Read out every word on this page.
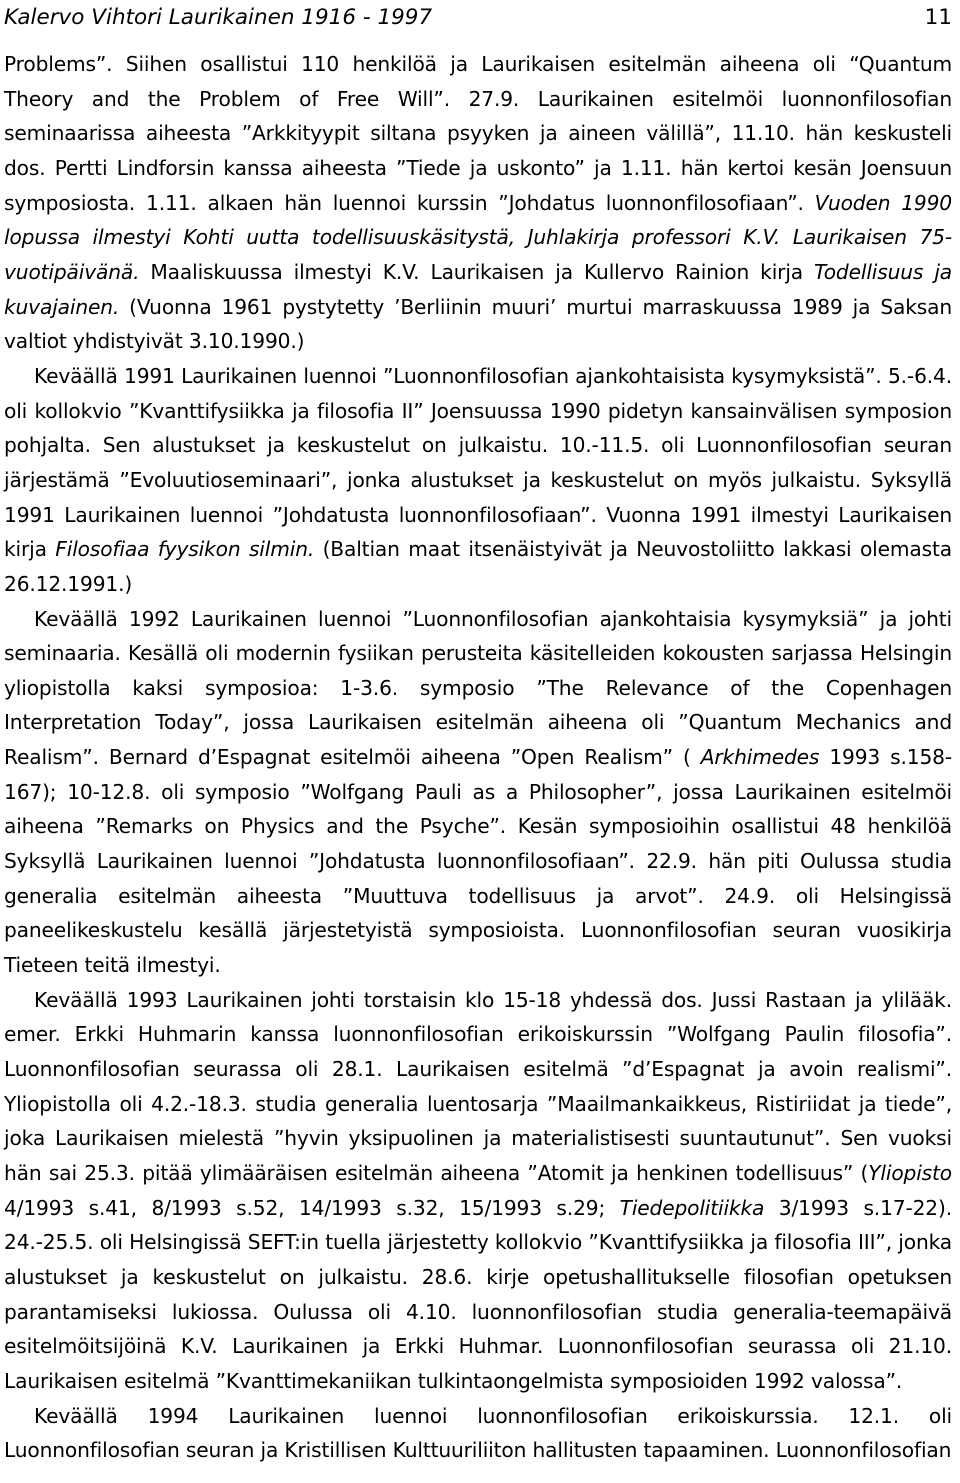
Kalervo Vihtori Laurikainen 1916 - 1997	11

Problems”. Siihen osallistui 110 henkilöä ja Laurikaisen esitelmän aiheena oli “Quantum Theory and the Problem of Free Will”. 27.9. Laurikainen esitelmöi luonnonfilosofian seminaarissa aiheesta ”Arkkityypit siltana psyyken ja aineen välillä”, 11.10. hän keskusteli dos. Pertti Lindforsin kanssa aiheesta ”Tiede ja uskonto” ja 1.11. hän kertoi kesän Joensuun symposiosta. 1.11. alkaen hän luennoi kurssin ”Johdatus luonnonfilosofiaan”. Vuoden 1990 lopussa ilmestyi Kohti uutta todellisuuskäsitystä, Juhlakirja professori K.V. Laurikaisen 75-vuotipäivänä. Maaliskuussa ilmestyi K.V. Laurikaisen ja Kullervo Rainion kirja Todellisuus ja kuvajainen. (Vuonna 1961 pystytetty ’Berliinin muuri’ murtui marraskuussa 1989 ja Saksan valtiot yhdistyivät 3.10.1990.)

Keväällä 1991 Laurikainen luennoi ”Luonnonfilosofian ajankohtaisista kysymyksistä”. 5.-6.4. oli kollokvio ”Kvanttifysiikka ja filosofia II” Joensuussa 1990 pidetyn kansainvälisen symposion pohjalta. Sen alustukset ja keskustelut on julkaistu. 10.-11.5. oli Luonnonfilosofian seuran järjestämä ”Evoluutioseminaari”, jonka alustukset ja keskustelut on myös julkaistu. Syksyllä 1991 Laurikainen luennoi ”Johdatusta luonnonfilosofiaan”. Vuonna 1991 ilmestyi Laurikaisen kirja Filosofiaa fyysikon silmin. (Baltian maat itsenäistyivät ja Neuvostoliitto lakkasi olemasta 26.12.1991.)

Keväällä 1992 Laurikainen luennoi ”Luonnonfilosofian ajankohtaisia kysymyksiä” ja johti seminaaria. Kesällä oli modernin fysiikan perusteita käsitelleiden kokousten sarjassa Helsingin yliopistolla kaksi symposioa: 1-3.6. symposio ”The Relevance of the Copenhagen Interpretation Today”, jossa Laurikaisen esitelmän aiheena oli ”Quantum Mechanics and Realism”. Bernard d’Espagnat esitelmöi aiheena ”Open Realism” ( Arkhimedes 1993 s.158-167); 10-12.8. oli symposio ”Wolfgang Pauli as a Philosopher”, jossa Laurikainen esitelmöi aiheena ”Remarks on Physics and the Psyche”. Kesän symposioihin osallistui 48 henkilöä Syksyllä Laurikainen luennoi ”Johdatusta luonnonfilosofiaan”. 22.9. hän piti Oulussa studia generalia esitelmän aiheesta ”Muuttuva todellisuus ja arvot”. 24.9. oli Helsingissä paneelikeskustelu kesällä järjestetyistä symposioista. Luonnonfilosofian seuran vuosikirja Tieteen teitä ilmestyi.

Keväällä 1993 Laurikainen johti torstaisin klo 15-18 yhdessä dos. Jussi Rastaan ja ylilääk. emer. Erkki Huhmarin kanssa luonnonfilosofian erikoiskurssin ”Wolfgang Paulin filosofia”. Luonnonfilosofian seurassa oli 28.1. Laurikaisen esitelmä ”d’Espagnat ja avoin realismi”. Yliopistolla oli 4.2.-18.3. studia generalia luentosarja ”Maailmankaikkeus, Ristiriidat ja tiede”, joka Laurikaisen mielestä ”hyvin yksipuolinen ja materialistisesti suuntautunut”. Sen vuoksi hän sai 25.3. pitää ylimääräisen esitelmän aiheena ”Atomit ja henkinen todellisuus” (Yliopisto 4/1993 s.41, 8/1993 s.52, 14/1993 s.32, 15/1993 s.29; Tiedepolitiikka 3/1993 s.17-22). 24.-25.5. oli Helsingissä SEFT:in tuella järjestetty kollokvio ”Kvanttifysiikka ja filosofia III”, jonka alustukset ja keskustelut on julkaistu. 28.6. kirje opetushallitukselle filosofian opetuksen parantamiseksi lukiossa. Oulussa oli 4.10. luonnonfilosofian studia generalia-teemapäivä esitelmöitsijöinä K.V. Laurikainen ja Erkki Huhmar. Luonnonfilosofian seurassa oli 21.10. Laurikaisen esitelmä ”Kvanttimekaniikan tulkintaongelmista symposioiden 1992 valossa”.

Keväällä 1994 Laurikainen luennoi luonnonfilosofian erikoiskurssia. 12.1. oli Luonnonfilosofian seuran ja Kristillisen Kulttuuriliiton hallitusten tapaaminen. Luonnonfilosofian
